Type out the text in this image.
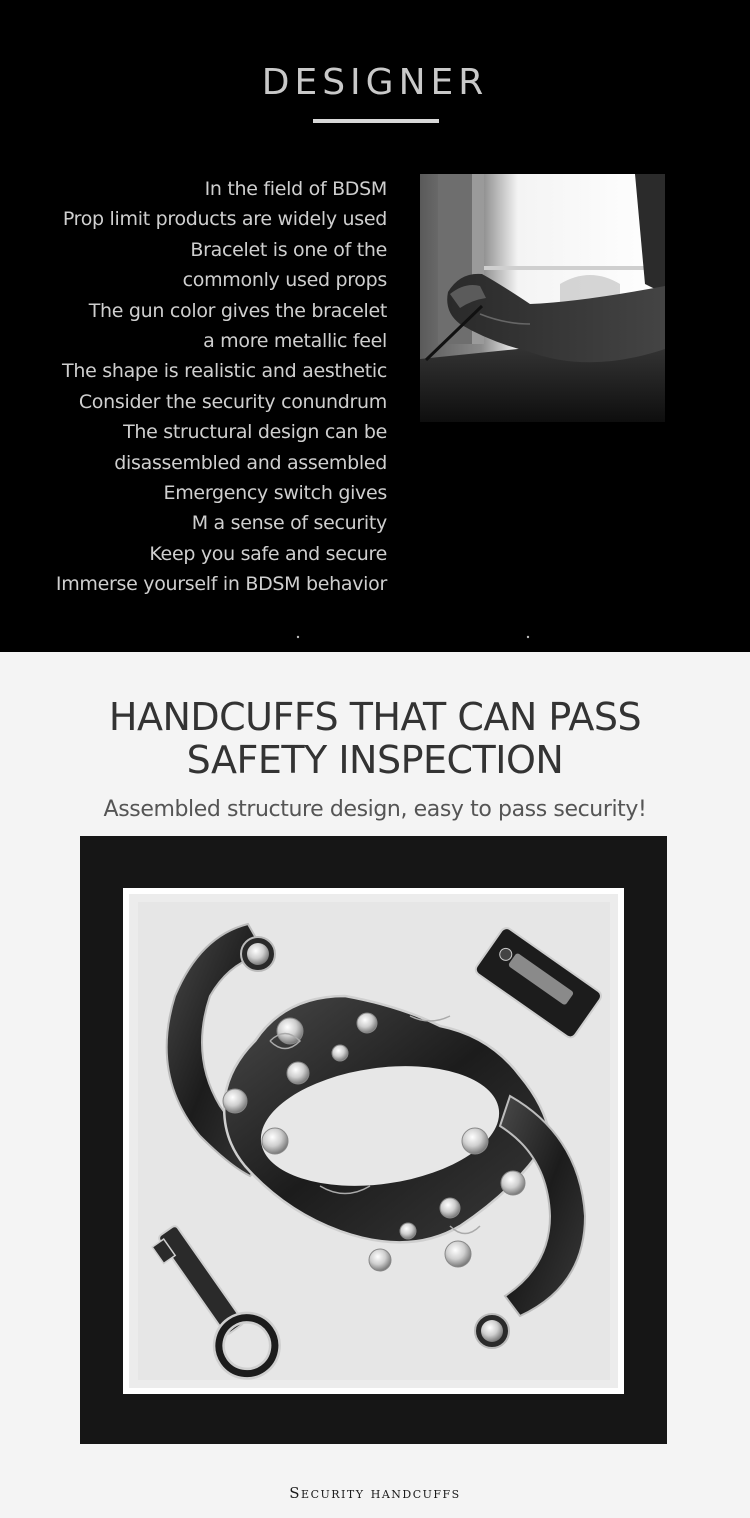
DESIGNER
In the field of BDSM
Prop limit products are widely used
Bracelet is one of the
commonly used props
The gun color gives the bracelet
a more metallic feel
The shape is realistic and aesthetic
Consider the security conundrum
The structural design can be
disassembled and assembled
Emergency switch gives
M a sense of security
Keep you safe and secure
Immerse yourself in BDSM behavior
HANDCUFFS THAT CAN PASS
SAFETY INSPECTION

Assembled structure design, easy to pass security!

Security handcuffs
